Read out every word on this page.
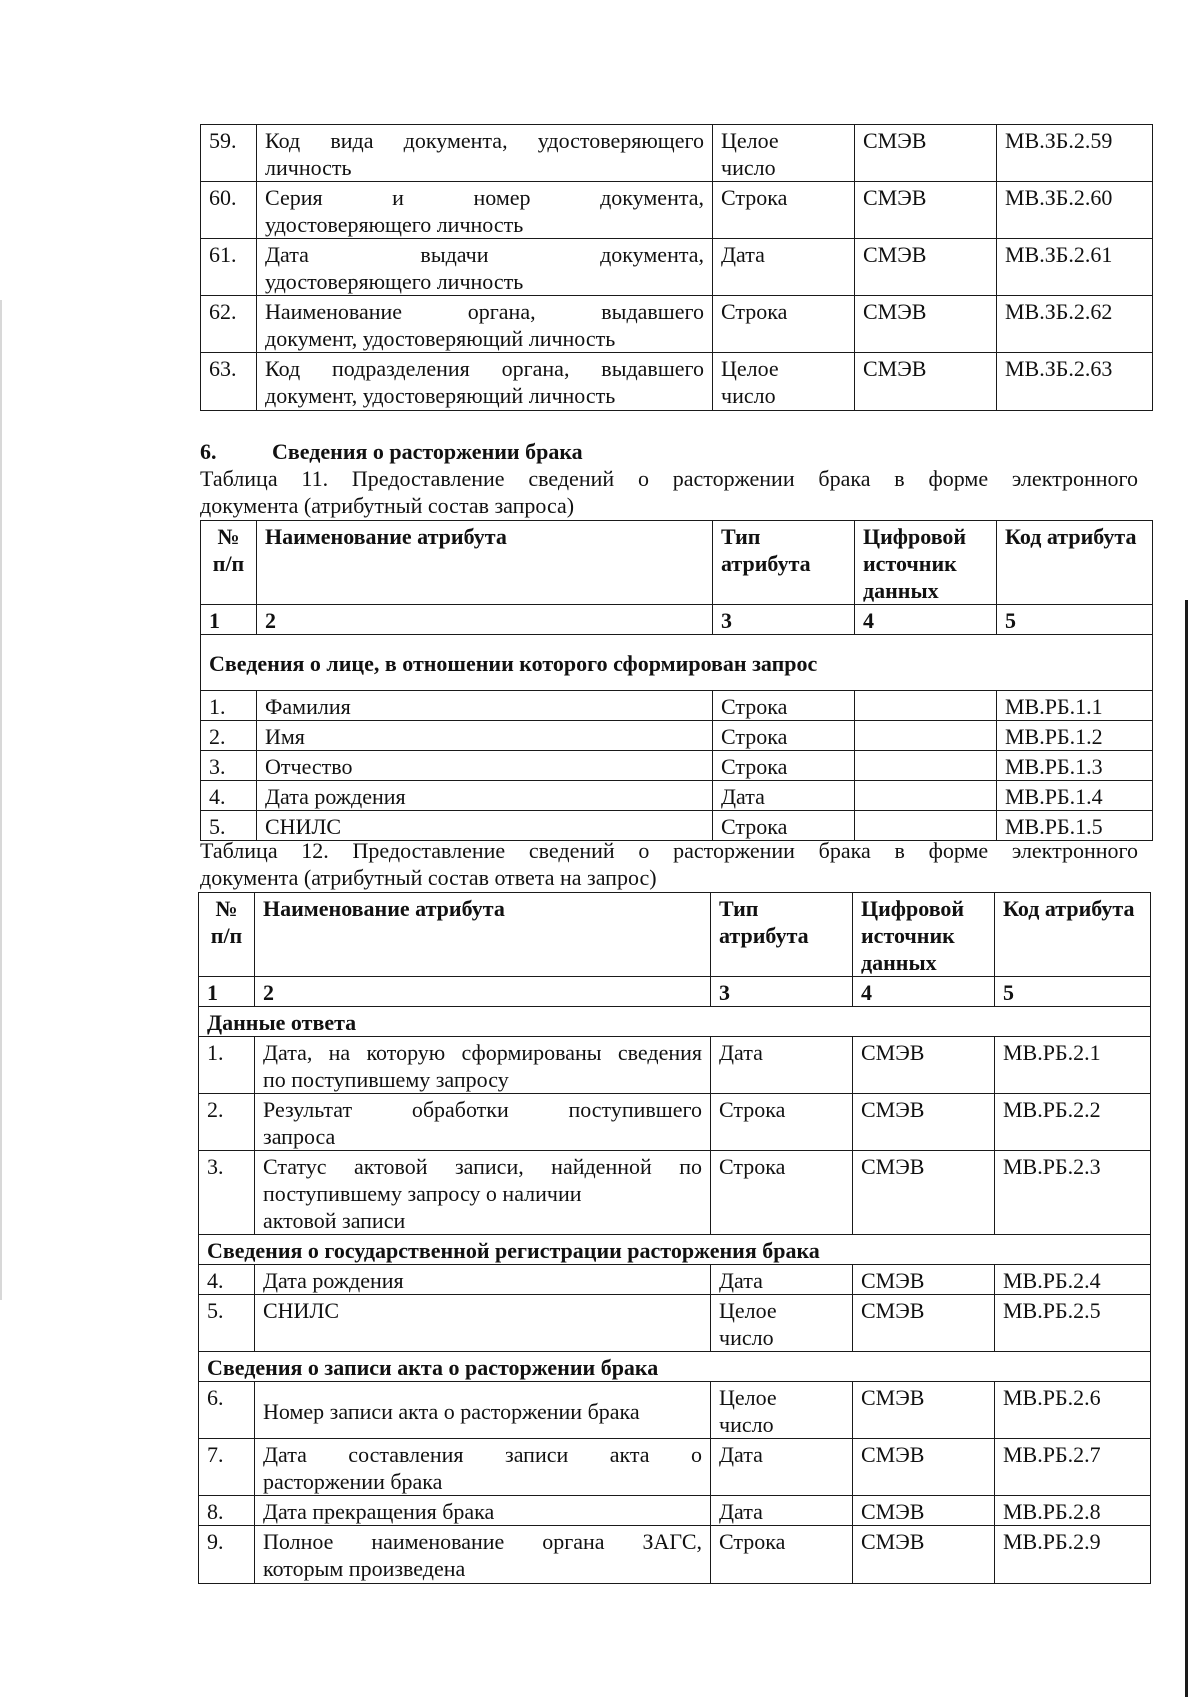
59.	Код вида документа, удостоверяющего
личность	Целое
число	СМЭВ	МВ.ЗБ.2.59
60.	Серия и номер документа,
удостоверяющего личность	Строка	СМЭВ	МВ.ЗБ.2.60
61.	Дата выдачи документа,
удостоверяющего личность	Дата	СМЭВ	МВ.ЗБ.2.61
62.	Наименование органа, выдавшего
документ, удостоверяющий личность	Строка	СМЭВ	МВ.ЗБ.2.62
63.	Код подразделения органа, выдавшего
документ, удостоверяющий личность	Целое
число	СМЭВ	МВ.ЗБ.2.63
6.	Сведения о расторжении брака
Таблица 11. Предоставление сведений о расторжении брака в форме электронного
документа (атрибутный состав запроса)
№ п/п	Наименование атрибута	Тип атрибута	Цифровой источник данных	Код атрибута
1	2	3	4	5
Сведения о лице, в отношении которого сформирован запрос				
1.	Фамилия	Строка		МВ.РБ.1.1
2.	Имя	Строка		МВ.РБ.1.2
3.	Отчество	Строка		МВ.РБ.1.3
4.	Дата рождения	Дата		МВ.РБ.1.4
5.	СНИЛС	Строка		МВ.РБ.1.5
Таблица 12. Предоставление сведений о расторжении брака в форме электронного
документа (атрибутный состав ответа на запрос)
№ п/п	Наименование атрибута	Тип атрибута	Цифровой источник данных	Код атрибута
1	2	3	4	5
Данные ответа				
1.	Дата, на которую сформированы сведения
по поступившему запросу	Дата	СМЭВ	МВ.РБ.2.1
2.	Результат обработки поступившего
запроса	Строка	СМЭВ	МВ.РБ.2.2
3.	Статус актовой записи, найденной по
поступившему запросу о наличии
актовой записи	Строка	СМЭВ	МВ.РБ.2.3
Сведения о государственной регистрации расторжения брака				
4.	Дата рождения	Дата	СМЭВ	МВ.РБ.2.4
5.	СНИЛС	Целое
число	СМЭВ	МВ.РБ.2.5
Сведения о записи акта о расторжении брака				
6.	Номер записи акта о расторжении брака	Целое
число	СМЭВ	МВ.РБ.2.6
7.	Дата составления записи акта о
расторжении брака	Дата	СМЭВ	МВ.РБ.2.7
8.	Дата прекращения брака	Дата	СМЭВ	МВ.РБ.2.8
9.	Полное наименование органа ЗАГС,
которым произведена	Строка	СМЭВ	МВ.РБ.2.9
